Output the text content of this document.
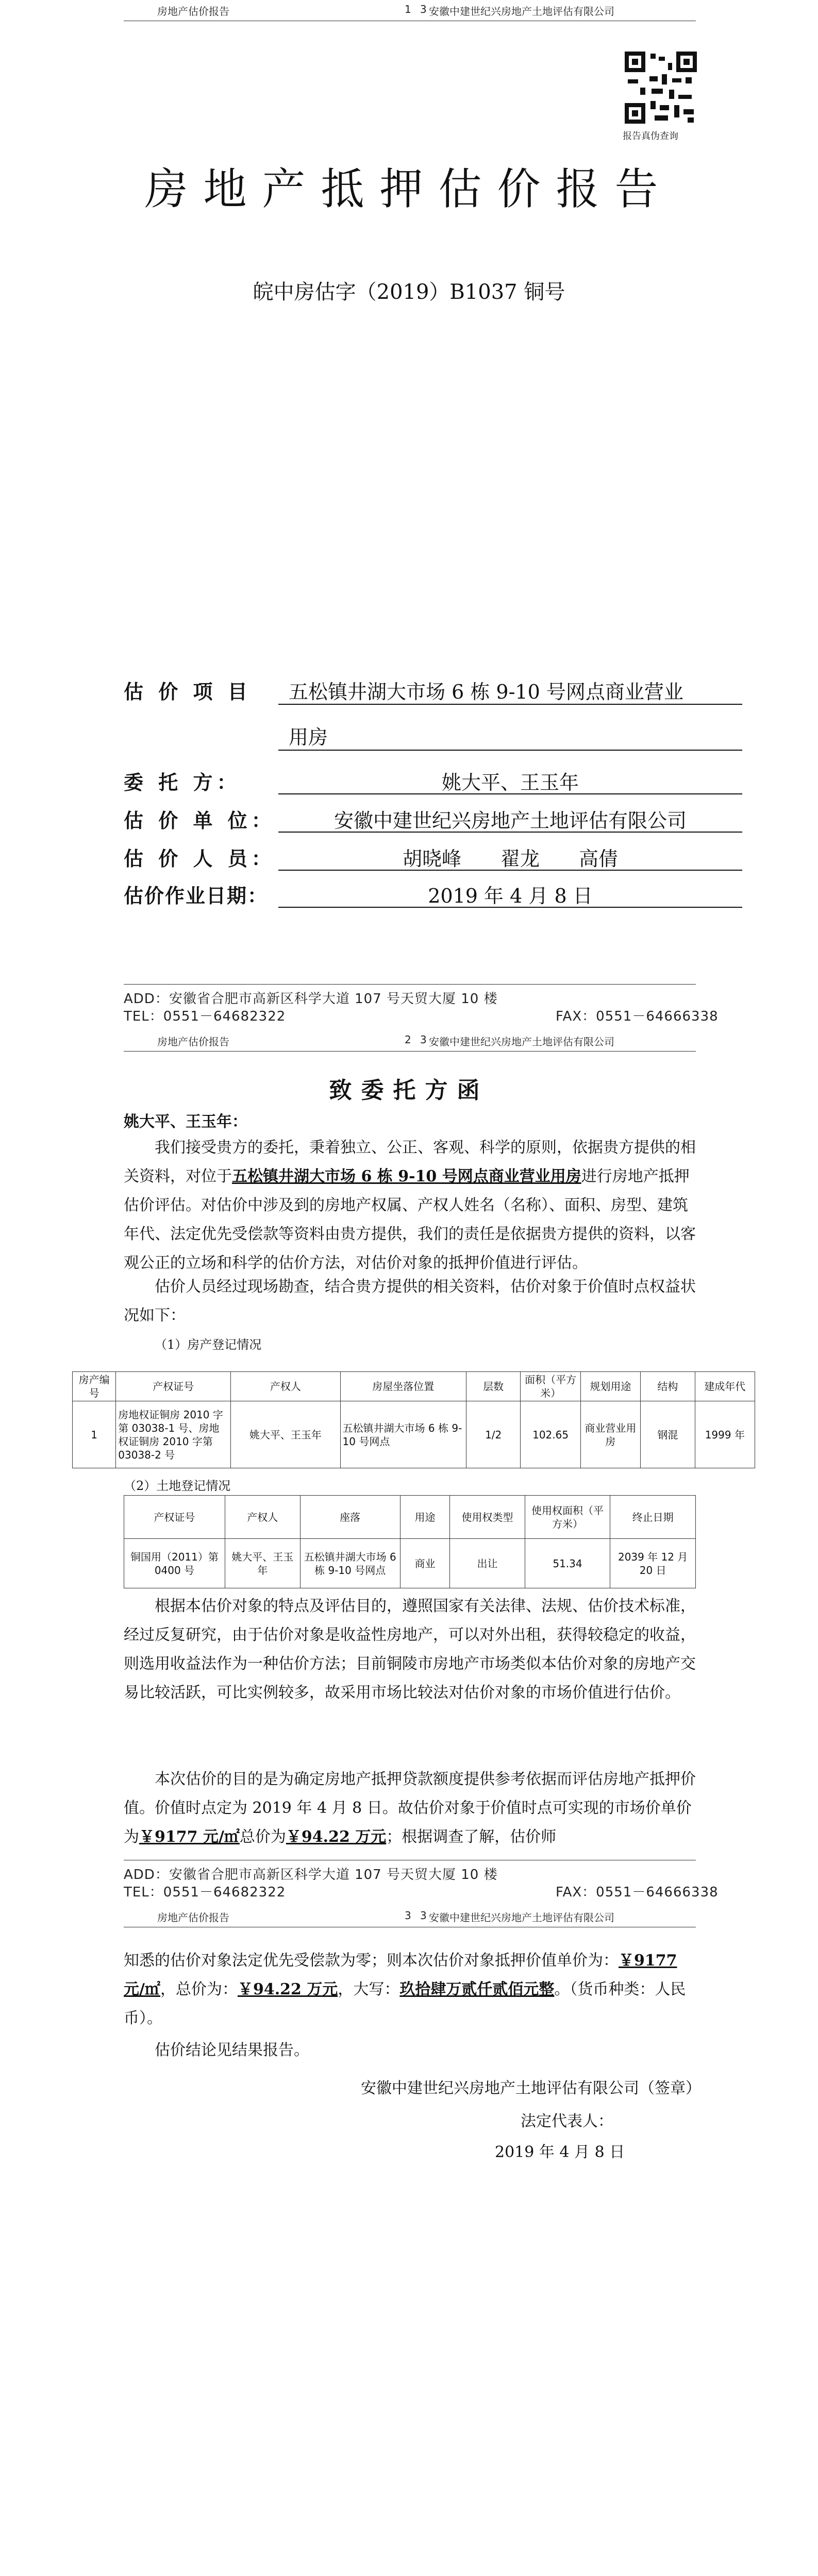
房地产估价报告	1 3 安徽中建世纪兴房地产土地评估有限公司
报告真伪查询
房地产抵押估价报告
皖中房估字（2019）B1037 铜号
估 价 项 目 五松镇井湖大市场 6 栋 9-10 号网点商业营业
用房
委 托 方：	姚大平、王玉年
估 价 单 位：	安徽中建世纪兴房地产土地评估有限公司
估 价 人 员：	胡晓峰　　翟龙　　高倩
估价作业日期：	2019 年 4 月 8 日
ADD：安徽省合肥市高新区科学大道 107 号天贸大厦 10 楼
TEL：0551－64682322	FAX：0551－64666338
房地产估价报告	2 3 安徽中建世纪兴房地产土地评估有限公司
致委托方函
姚大平、王玉年：
我们接受贵方的委托，秉着独立、公正、客观、科学的原则，依据贵方提供的相关资料，对位于五松镇井湖大市场 6 栋 9-10 号网点商业营业用房进行房地产抵押估价评估。对估价中涉及到的房地产权属、产权人姓名（名称）、面积、房型、建筑年代、法定优先受偿款等资料由贵方提供，我们的责任是依据贵方提供的资料，以客观公正的立场和科学的估价方法，对估价对象的抵押价值进行评估。
估价人员经过现场勘查，结合贵方提供的相关资料，估价对象于价值时点权益状况如下：
（1）房产登记情况
房产编号	产权证号	产权人	房屋坐落位置	层数	面积（平方米）	规划用途	结构	建成年代
1	房地权证铜房 2010 字第 03038-1 号、房地权证铜房 2010 字第 03038-2 号	姚大平、王玉年	五松镇井湖大市场 6 栋 9-10 号网点	1/2	102.65	商业营业用房	钢混	1999 年
（2）土地登记情况
产权证号	产权人	座落	用途	使用权类型	使用权面积（平方米）	终止日期
铜国用（2011）第 0400 号	姚大平、王玉年	五松镇井湖大市场 6 栋 9-10 号网点	商业	出让	51.34	2039 年 12 月 20 日
根据本估价对象的特点及评估目的，遵照国家有关法律、法规、估价技术标准，经过反复研究，由于估价对象是收益性房地产，可以对外出租，获得较稳定的收益，则选用收益法作为一种估价方法；目前铜陵市房地产市场类似本估价对象的房地产交易比较活跃，可比实例较多，故采用市场比较法对估价对象的市场价值进行估价。
本次估价的目的是为确定房地产抵押贷款额度提供参考依据而评估房地产抵押价值。价值时点定为 2019 年 4 月 8 日。故估价对象于价值时点可实现的市场价单价为￥9177 元/㎡总价为￥94.22 万元；根据调查了解，估价师
ADD：安徽省合肥市高新区科学大道 107 号天贸大厦 10 楼
TEL：0551－64682322	FAX：0551－64666338
房地产估价报告	3 3 安徽中建世纪兴房地产土地评估有限公司
知悉的估价对象法定优先受偿款为零；则本次估价对象抵押价值单价为：￥9177 元/㎡，总价为：￥94.22 万元，大写：玖拾肆万贰仟贰佰元整。（货币种类：人民币）。
估价结论见结果报告。
安徽中建世纪兴房地产土地评估有限公司（签章）
法定代表人：
2019 年 4 月 8 日
